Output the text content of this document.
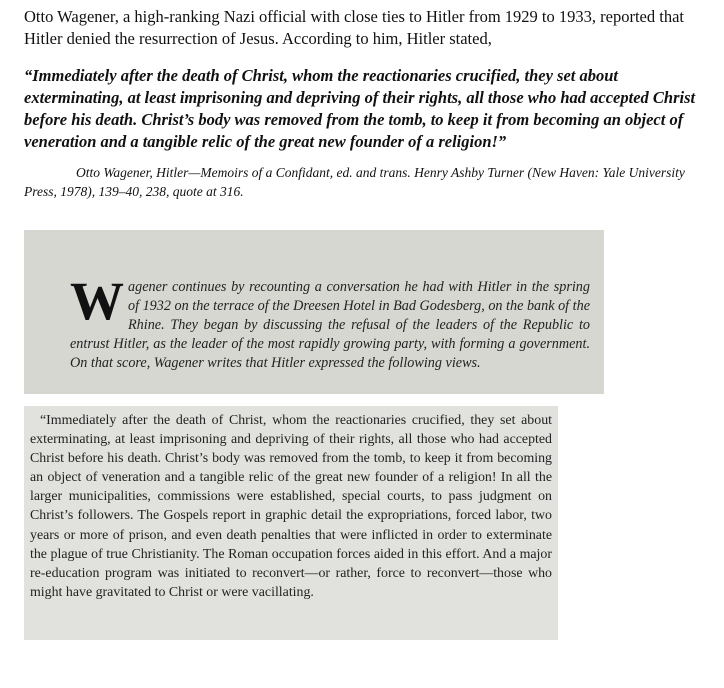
Otto Wagener, a high-ranking Nazi official with close ties to Hitler from 1929 to 1933, reported that Hitler denied the resurrection of Jesus. According to him, Hitler stated,

“Immediately after the death of Christ, whom the reactionaries crucified, they set about exterminating, at least imprisoning and depriving of their rights, all those who had accepted Christ before his death. Christ’s body was removed from the tomb, to keep it from becoming an object of veneration and a tangible relic of the great new founder of a religion!”

Otto Wagener, Hitler—Memoirs of a Confidant, ed. and trans. Henry Ashby Turner (New Haven: Yale University Press, 1978), 139–40, 238, quote at 316.

Wagener continues by recounting a conversation he had with Hitler in the spring of 1932 on the terrace of the Dreesen Hotel in Bad Godesberg, on the bank of the Rhine. They began by discussing the refusal of the leaders of the Republic to entrust Hitler, as the leader of the most rapidly growing party, with forming a government. On that score, Wagener writes that Hitler expressed the following views.

“Immediately after the death of Christ, whom the reactionaries crucified, they set about exterminating, at least imprisoning and depriving of their rights, all those who had accepted Christ before his death. Christ’s body was removed from the tomb, to keep it from becoming an object of veneration and a tangible relic of the great new founder of a religion! In all the larger municipalities, commissions were established, special courts, to pass judgment on Christ’s followers. The Gospels report in graphic detail the expropriations, forced labor, two years or more of prison, and even death penalties that were inflicted in order to exterminate the plague of true Christianity. The Roman occupation forces aided in this effort. And a major re-education program was initiated to reconvert—or rather, force to reconvert—those who might have gravitated to Christ or were vacillating.
